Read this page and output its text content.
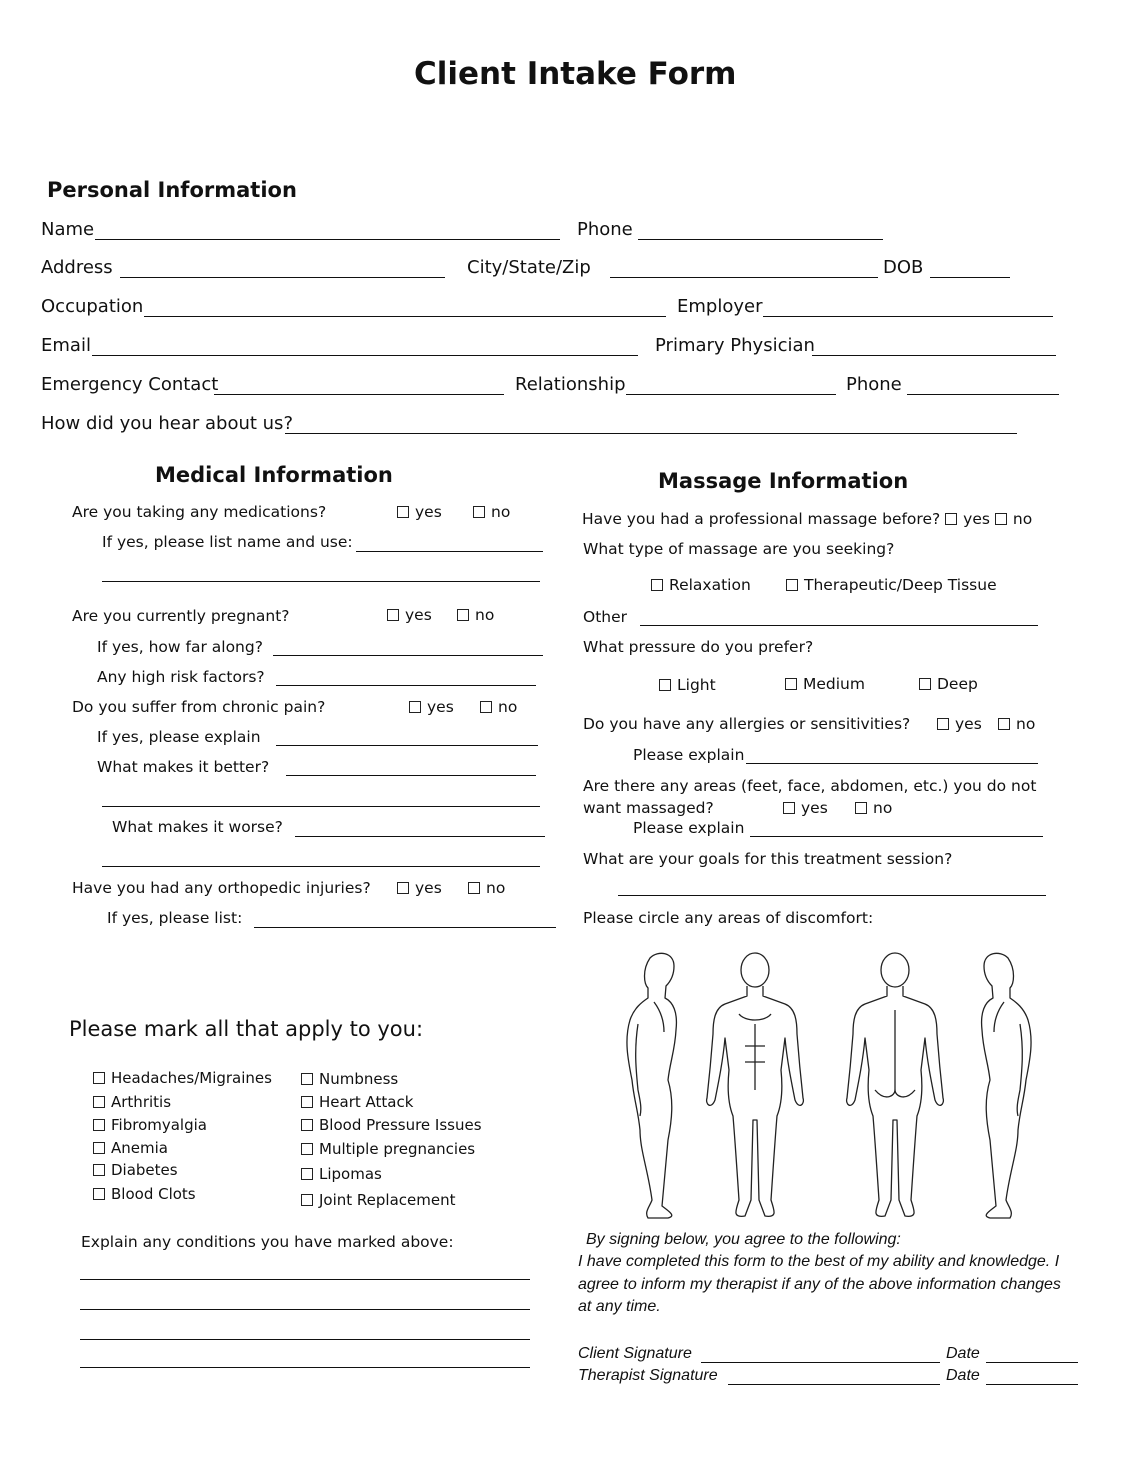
Client Intake Form
Personal Information
Name	Phone
Address	City/State/Zip	DOB
Occupation	Employer
Email	Primary Physician
Emergency Contact	Relationship	Phone
How did you hear about us?
Medical Information
Are you taking any medications?	yes	no
If yes, please list name and use:
Are you currently pregnant?	yes	no
If yes, how far along?
Any high risk factors?
Do you suffer from chronic pain?	yes	no
If yes, please explain
What makes it better?
What makes it worse?
Have you had any orthopedic injuries?	yes	no
If yes, please list:
Massage Information
Have you had a professional massage before? yes no
What type of massage are you seeking?
Relaxation	Therapeutic/Deep Tissue
Other
What pressure do you prefer?
Light	Medium	Deep
Do you have any allergies or sensitivities?	yes	no
Please explain
Are there any areas (feet, face, abdomen, etc.) you do not
want massaged?	yes	no
Please explain
What are your goals for this treatment session?
Please circle any areas of discomfort:
Please mark all that apply to you:
Headaches/Migraines
Arthritis
Fibromyalgia
Anemia
Diabetes
Blood Clots
Numbness
Heart Attack
Blood Pressure Issues
Multiple pregnancies
Lipomas
Joint Replacement
Explain any conditions you have marked above:	By signing below, you agree to the following:
I have completed this form to the best of my ability and knowledge. I
agree to inform my therapist if any of the above information changes
at any time.
Client Signature	Date
Therapist Signature	Date
